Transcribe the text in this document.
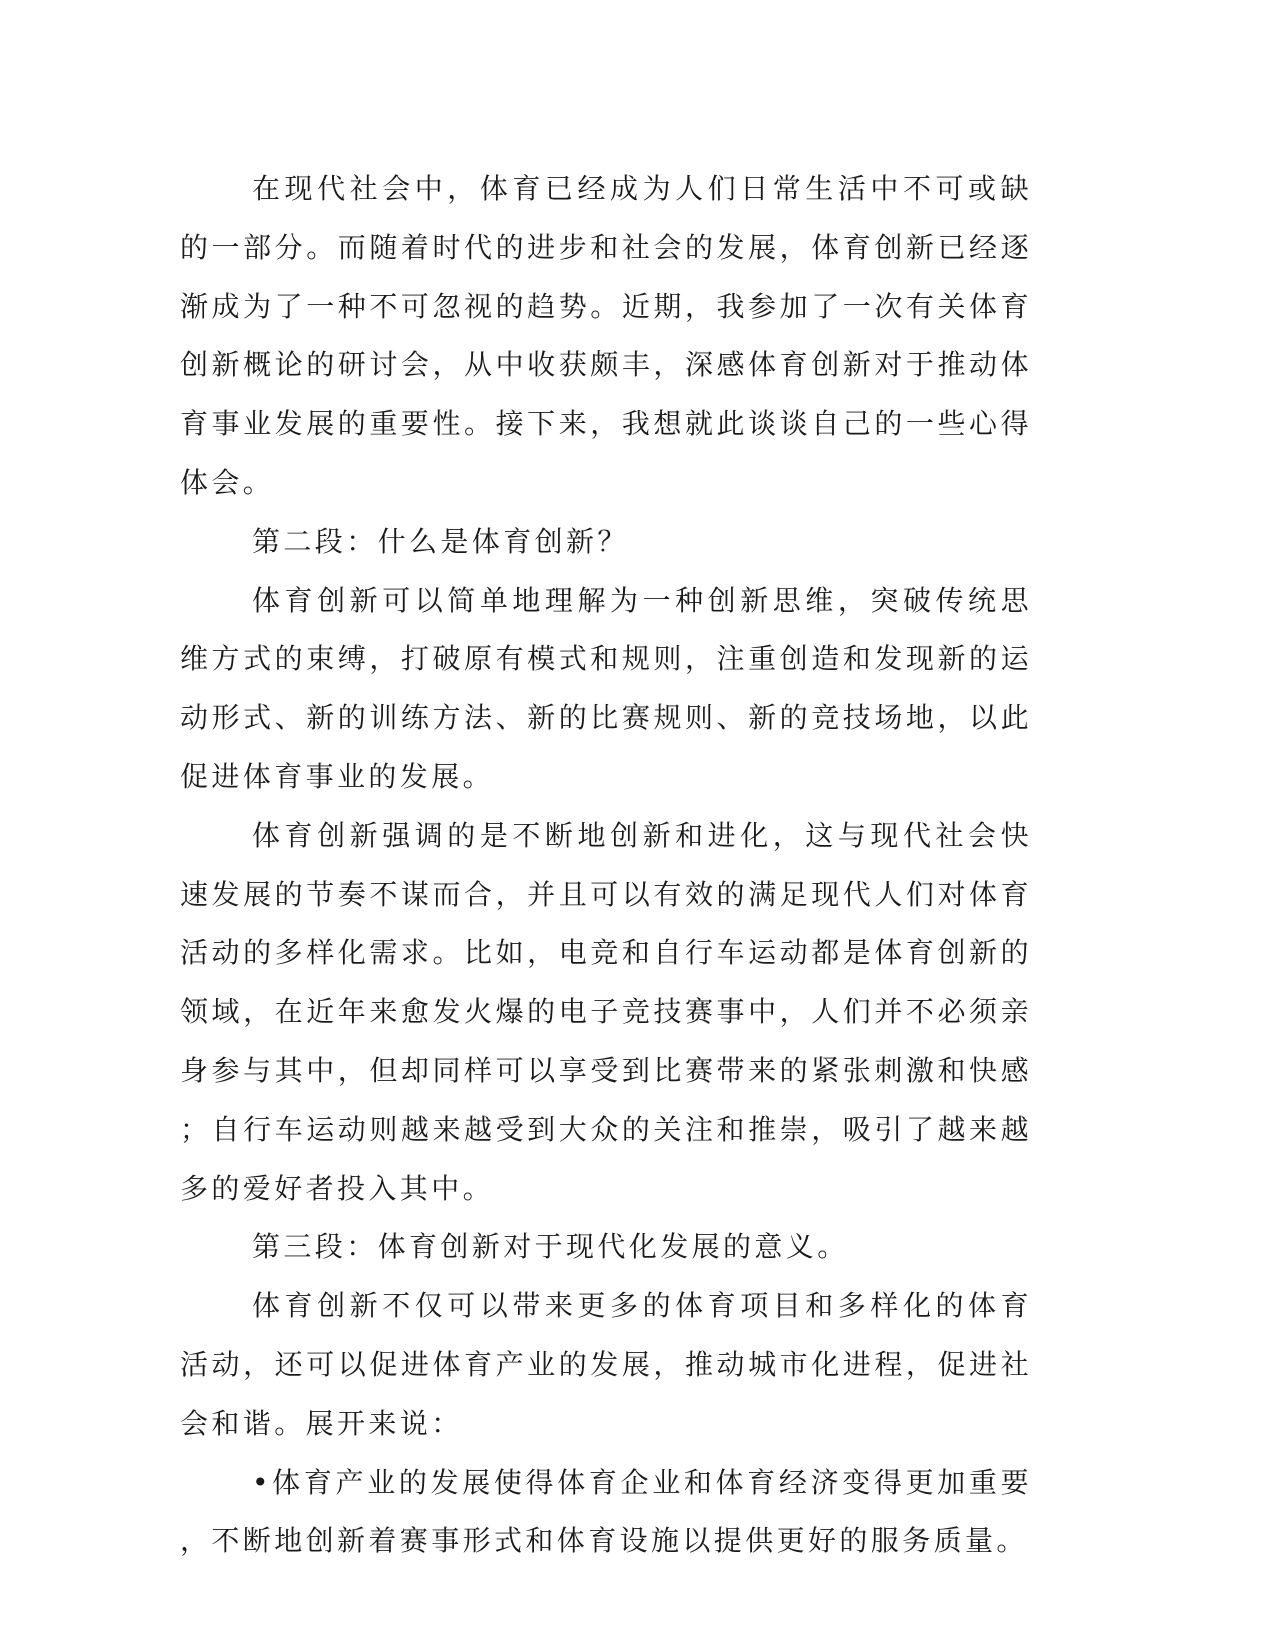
在现代社会中，体育已经成为人们日常生活中不可或缺的一部分。而随着时代的进步和社会的发展，体育创新已经逐渐成为了一种不可忽视的趋势。近期，我参加了一次有关体育创新概论的研讨会，从中收获颇丰，深感体育创新对于推动体育事业发展的重要性。接下来，我想就此谈谈自己的一些心得体会。

第二段：什么是体育创新？

体育创新可以简单地理解为一种创新思维，突破传统思维方式的束缚，打破原有模式和规则，注重创造和发现新的运动形式、新的训练方法、新的比赛规则、新的竞技场地，以此促进体育事业的发展。

体育创新强调的是不断地创新和进化，这与现代社会快速发展的节奏不谋而合，并且可以有效的满足现代人们对体育活动的多样化需求。比如，电竞和自行车运动都是体育创新的领域，在近年来愈发火爆的电子竞技赛事中，人们并不必须亲身参与其中，但却同样可以享受到比赛带来的紧张刺激和快感；自行车运动则越来越受到大众的关注和推崇，吸引了越来越多的爱好者投入其中。

第三段：体育创新对于现代化发展的意义。

体育创新不仅可以带来更多的体育项目和多样化的体育活动，还可以促进体育产业的发展，推动城市化进程，促进社会和谐。展开来说：

•体育产业的发展使得体育企业和体育经济变得更加重要，不断地创新着赛事形式和体育设施以提供更好的服务质量。
